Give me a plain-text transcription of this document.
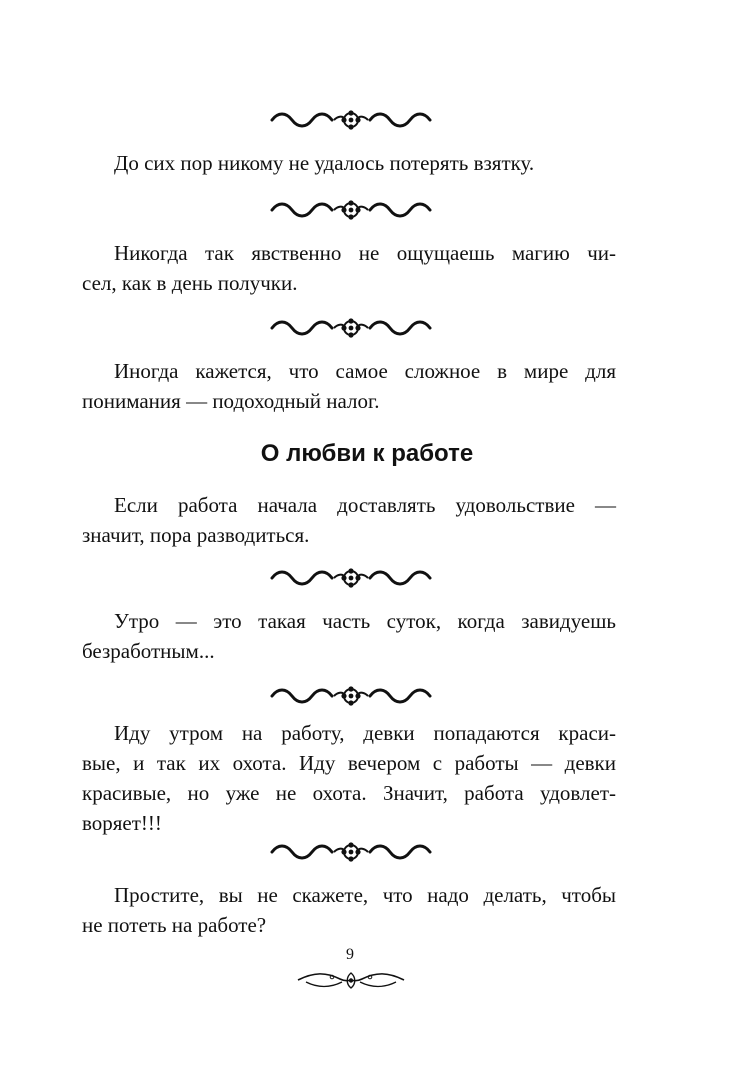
До сих пор никому не удалось потерять взятку.

Никогда так явственно не ощущаешь магию чи-
сел, как в день получки.

Иногда кажется, что самое сложное в мире для
понимания — подоходный налог.

О любви к работе

Если работа начала доставлять удовольствие —
значит, пора разводиться.

Утро — это такая часть суток, когда завидуешь
безработным...

Иду утром на работу, девки попадаются краси-
вые, и так их охота. Иду вечером с работы — девки
красивые, но уже не охота. Значит, работа удовлет-
воряет!!!

Простите, вы не скажете, что надо делать, чтобы
не потеть на работе?

9
